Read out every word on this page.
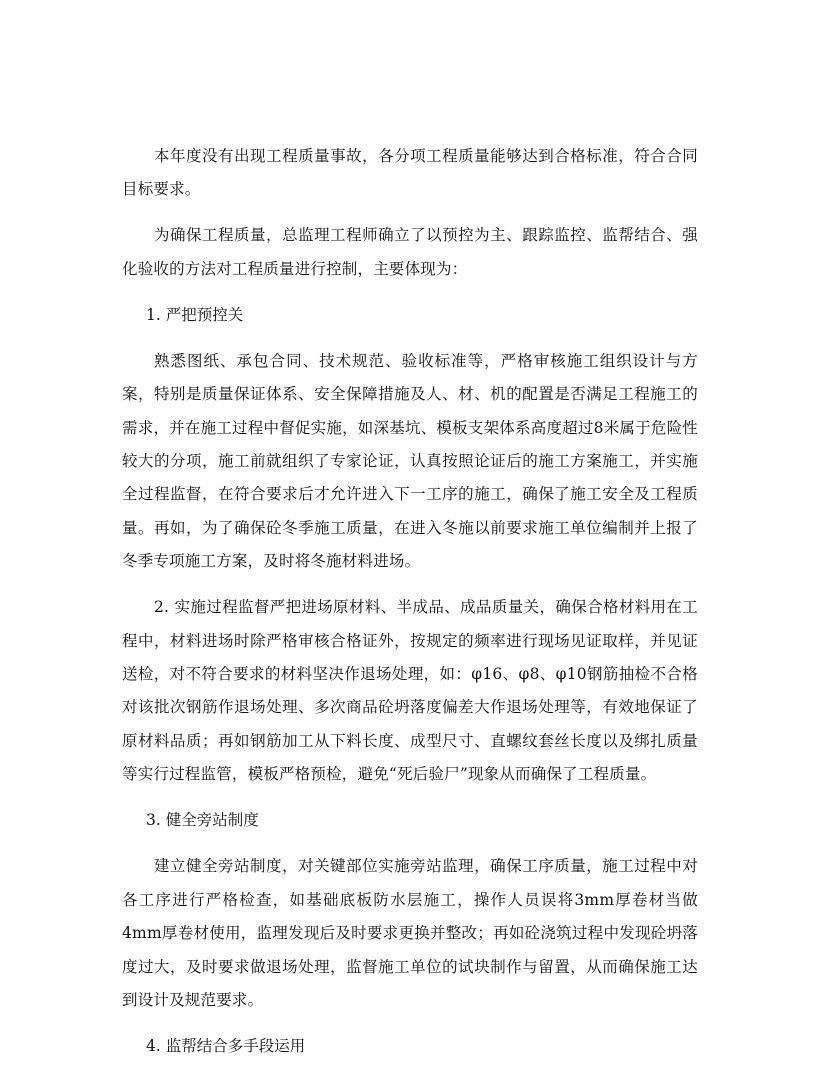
本年度没有出现工程质量事故，各分项工程质量能够达到合格标准，符合合同目标要求。

为确保工程质量，总监理工程师确立了以预控为主、跟踪监控、监帮结合、强化验收的方法对工程质量进行控制，主要体现为：

1. 严把预控关

熟悉图纸、承包合同、技术规范、验收标准等，严格审核施工组织设计与方案，特别是质量保证体系、安全保障措施及人、材、机的配置是否满足工程施工的需求，并在施工过程中督促实施，如深基坑、模板支架体系高度超过8米属于危险性较大的分项，施工前就组织了专家论证，认真按照论证后的施工方案施工，并实施全过程监督，在符合要求后才允许进入下一工序的施工，确保了施工安全及工程质量。再如，为了确保砼冬季施工质量，在进入冬施以前要求施工单位编制并上报了冬季专项施工方案，及时将冬施材料进场。

2. 实施过程监督严把进场原材料、半成品、成品质量关，确保合格材料用在工程中，材料进场时除严格审核合格证外，按规定的频率进行现场见证取样，并见证送检，对不符合要求的材料坚决作退场处理，如：φ16、φ8、φ10钢筋抽检不合格对该批次钢筋作退场处理、多次商品砼坍落度偏差大作退场处理等，有效地保证了原材料品质；再如钢筋加工从下料长度、成型尺寸、直螺纹套丝长度以及绑扎质量等实行过程监管，模板严格预检，避免“死后验尸”现象从而确保了工程质量。

3. 健全旁站制度

建立健全旁站制度，对关键部位实施旁站监理，确保工序质量，施工过程中对各工序进行严格检查，如基础底板防水层施工，操作人员误将3mm厚卷材当做4mm厚卷材使用，监理发现后及时要求更换并整改；再如砼浇筑过程中发现砼坍落度过大，及时要求做退场处理，监督施工单位的试块制作与留置，从而确保施工达到设计及规范要求。

4. 监帮结合多手段运用
